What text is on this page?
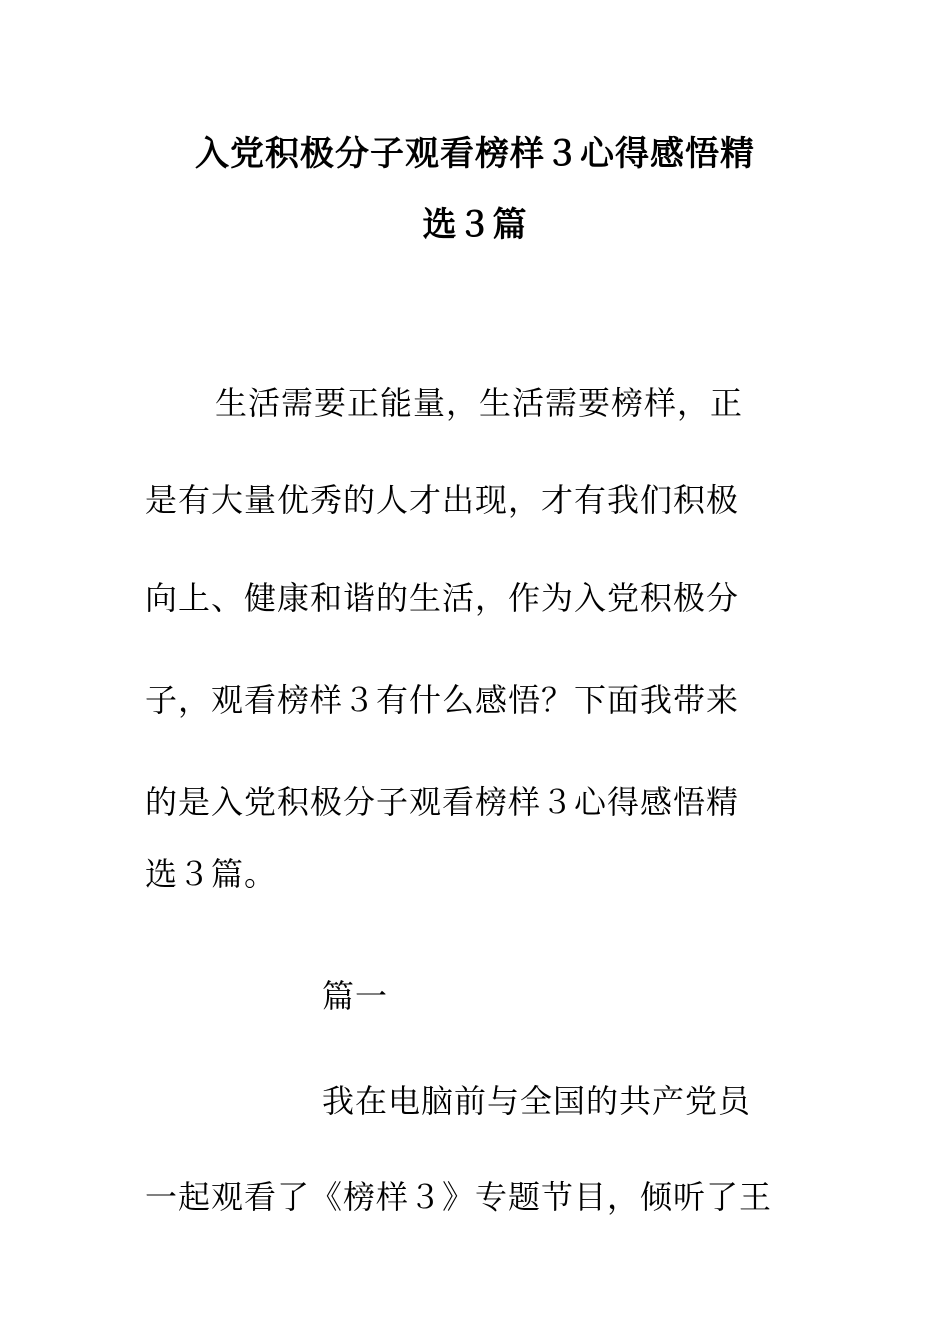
入党积极分子观看榜样３心得感悟精
选３篇
生活需要正能量，生活需要榜样，正
是有大量优秀的人才出现，才有我们积极
向上、健康和谐的生活，作为入党积极分
子，观看榜样３有什么感悟？下面我带来
的是入党积极分子观看榜样３心得感悟精
选３篇。
篇一
我在电脑前与全国的共产党员
一起观看了《榜样３》专题节目，倾听了王
